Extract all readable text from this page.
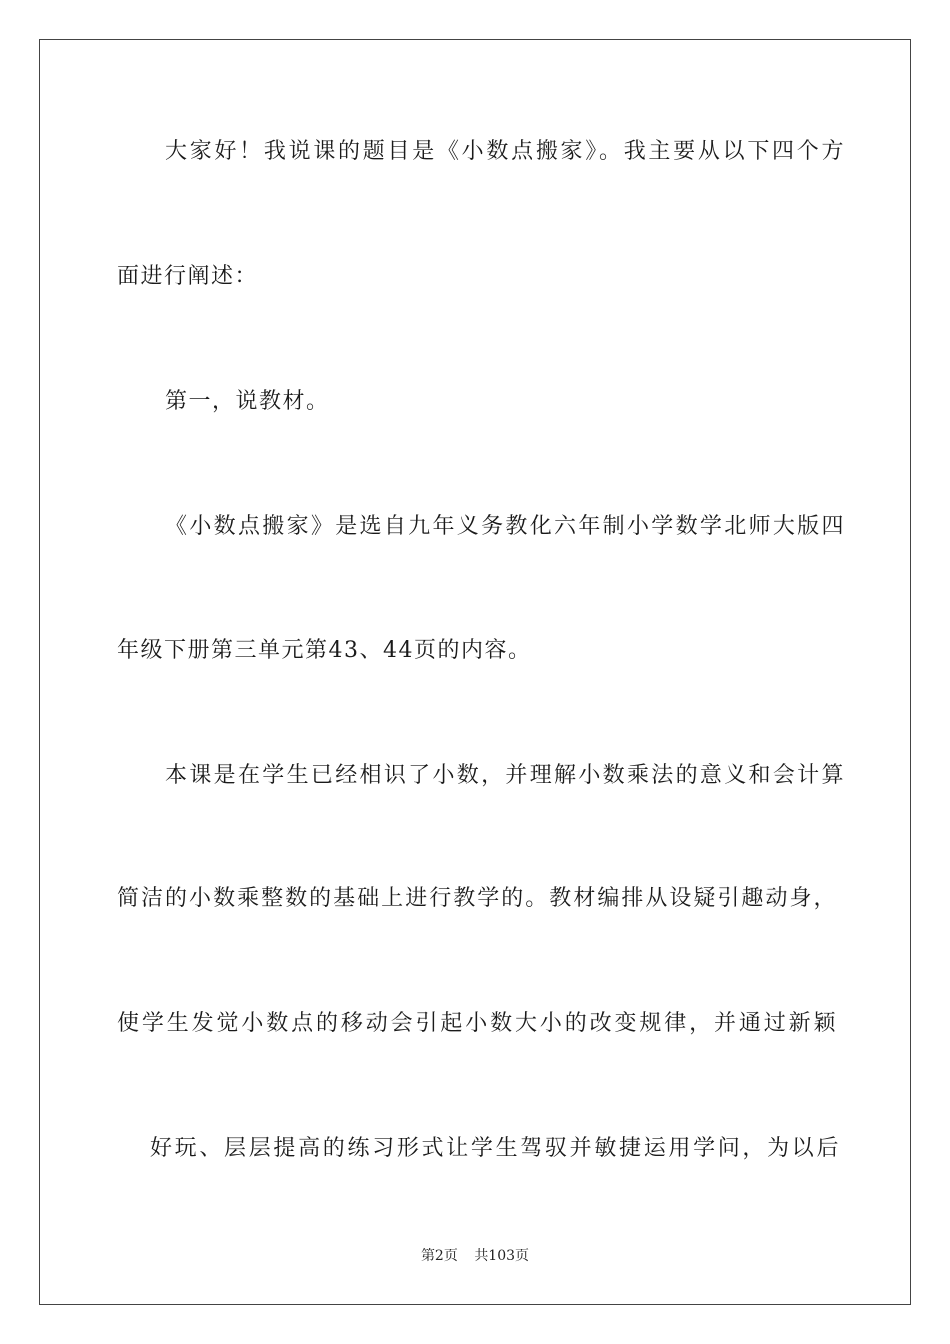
大家好！我说课的题目是《小数点搬家》。我主要从以下四个方
面进行阐述：
第一，说教材。
《小数点搬家》是选自九年义务教化六年制小学数学北师大版四
年级下册第三单元第43、44页的内容。
本课是在学生已经相识了小数，并理解小数乘法的意义和会计算
简洁的小数乘整数的基础上进行教学的。教材编排从设疑引趣动身，
使学生发觉小数点的移动会引起小数大小的改变规律，并通过新颖
好玩、层层提高的练习形式让学生驾驭并敏捷运用学问，为以后
第2页 共103页
